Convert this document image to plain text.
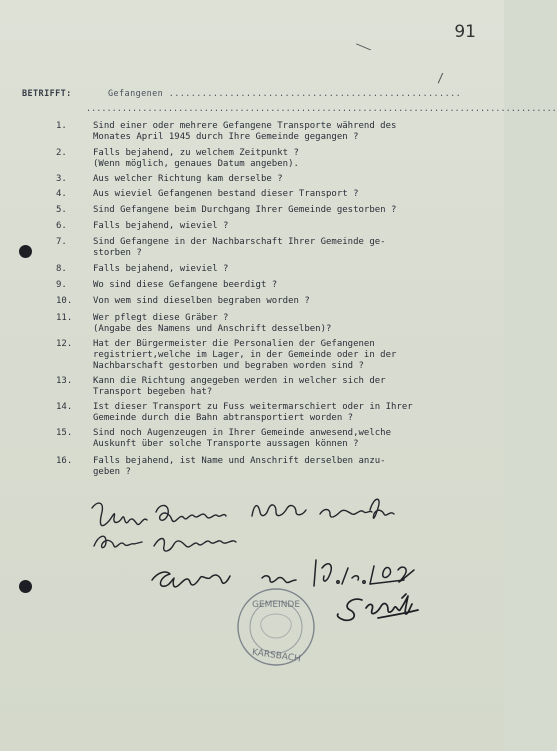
91
╲
/
BETRIFFT:	Gefangenen .....................................................
............................................................................................
1.	Sind einer oder mehrere Gefangene Transporte während des
Monates April 1945 durch Ihre Gemeinde gegangen ?
2.	Falls bejahend, zu welchem Zeitpunkt ?
(Wenn möglich, genaues Datum angeben).
3.	Aus welcher Richtung kam derselbe ?
4.	Aus wieviel Gefangenen bestand dieser Transport ?
5.	Sind Gefangene beim Durchgang Ihrer Gemeinde gestorben ?
6.	Falls bejahend, wieviel ?
7.	Sind Gefangene in der Nachbarschaft Ihrer Gemeinde ge-
storben ?
8.	Falls bejahend, wieviel ?
9.	Wo sind diese Gefangene beerdigt ?
10.	Von wem sind dieselben begraben worden ?
11.	Wer pflegt diese Gräber ?
(Angabe des Namens und Anschrift desselben)?
12.	Hat der Bürgermeister die Personalien der Gefangenen
registriert,welche im Lager, in der Gemeinde oder in der
Nachbarschaft gestorben und begraben worden sind ?
13.	Kann die Richtung angegeben werden in welcher sich der
Transport begeben hat?
14.	Ist dieser Transport zu Fuss weitermarschiert oder in Ihrer
Gemeinde durch die Bahn abtransportiert worden ?
15.	Sind noch Augenzeugen in Ihrer Gemeinde anwesend,welche
Auskunft über solche Transporte aussagen können ?
16.	Falls bejahend, ist Name und Anschrift derselben anzu-
geben ?
GEMEINDE
KARSBACH
